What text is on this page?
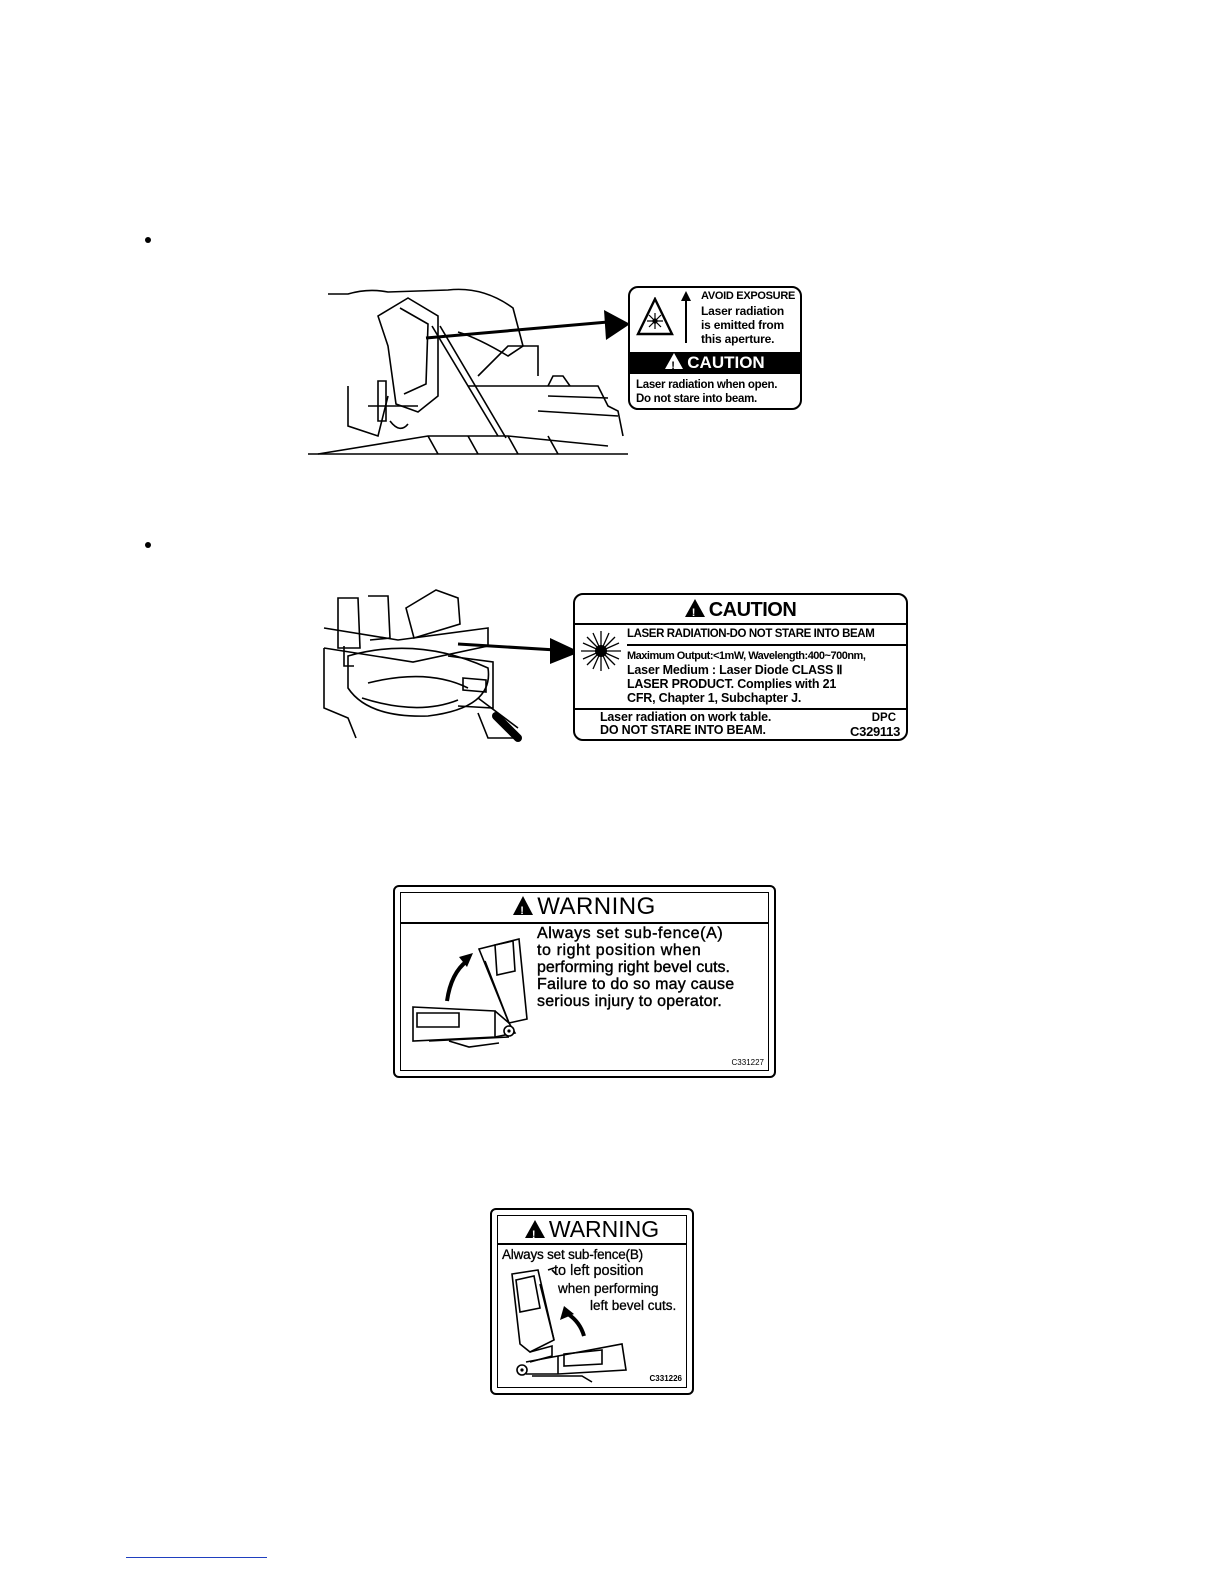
AVOID EXPOSURE
Laser radiation
is emitted from
this aperture.
!CAUTION
Laser radiation when open.
Do not stare into beam.
!CAUTION
LASER RADIATION-DO NOT STARE INTO BEAM
Maximum Output:<1mW, Wavelength:400~700nm,
Laser Medium : Laser Diode CLASS Ⅱ
LASER PRODUCT. Complies with 21
CFR, Chapter 1, Subchapter J.
Laser radiation on work table.
DO NOT STARE INTO BEAM.
DPC
C329113
!WARNING
Always set sub-fence(A)
to right position when
performing right bevel cuts.
Failure to do so may cause
serious injury to operator.
C331227
!WARNING
Always set sub-fence(B)
to left position
when performing
left bevel cuts.
C331226
